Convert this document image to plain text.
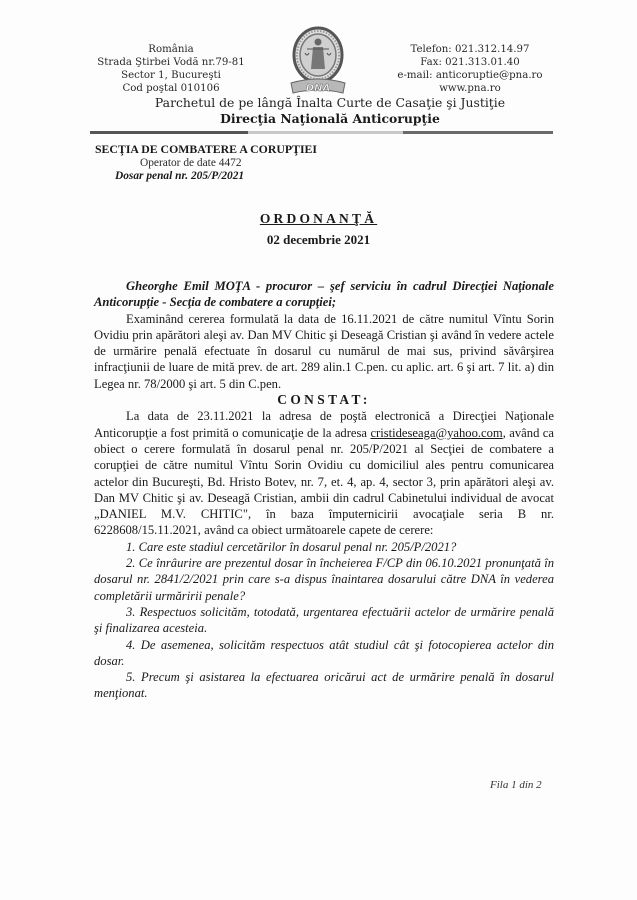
România
Strada Ştirbei Vodă nr.79-81
Sector 1, Bucureşti
Cod poştal 010106	DNA
Telefon: 021.312.14.97
Fax: 021.313.01.40
e-mail: anticoruptie@pna.ro
www.pna.ro
Parchetul de pe lângă Înalta Curte de Casaţie şi Justiţie
Direcţia Naţională Anticorupţie
SECŢIA DE COMBATERE A CORUPŢIEI
Operator de date 4472
Dosar penal nr. 205/P/2021
ORDONANŢĂ
02 decembrie 2021

Gheorghe Emil MOŢA - procuror – şef serviciu în cadrul Direcţiei Naţionale Anticorupţie - Secţia de combatere a corupţiei;

Examinând cererea formulată la data de 16.11.2021 de către numitul Vîntu Sorin Ovidiu prin apărători aleşi av. Dan MV Chitic şi Deseagă Cristian şi având în vedere actele de urmărire penală efectuate în dosarul cu numărul de mai sus, privind săvârşirea infracţiunii de luare de mită prev. de art. 289 alin.1 C.pen. cu aplic. art. 6 şi art. 7 lit. a) din Legea nr. 78/2000 şi art. 5 din C.pen.

CONSTAT:

La data de 23.11.2021 la adresa de poştă electronică a Direcţiei Naţionale Anticorupţie a fost primită o comunicaţie de la adresa cristideseaga@yahoo.com, având ca obiect o cerere formulată în dosarul penal nr. 205/P/2021 al Secţiei de combatere a corupţiei de către numitul Vîntu Sorin Ovidiu cu domiciliul ales pentru comunicarea actelor din Bucureşti, Bd. Hristo Botev, nr. 7, et. 4, ap. 4, sector 3, prin apărători aleşi av. Dan MV Chitic şi av. Deseagă Cristian, ambii din cadrul Cabinetului individual de avocat „DANIEL M.V. CHITIC", în baza împuternicirii avocaţiale seria B nr. 6228608/15.11.2021, având ca obiect următoarele capete de cerere:

1. Care este stadiul cercetărilor în dosarul penal nr. 205/P/2021?

2. Ce înrâurire are prezentul dosar în încheierea F/CP din 06.10.2021 pronunţată în dosarul nr. 2841/2/2021 prin care s-a dispus înaintarea dosarului către DNA în vederea completării urmăririi penale?

3. Respectuos solicităm, totodată, urgentarea efectuării actelor de urmărire penală şi finalizarea acesteia.

4. De asemenea, solicităm respectuos atât studiul cât şi fotocopierea actelor din dosar.

5. Precum şi asistarea la efectuarea oricărui act de urmărire penală în dosarul menţionat.

Fila 1 din 2
